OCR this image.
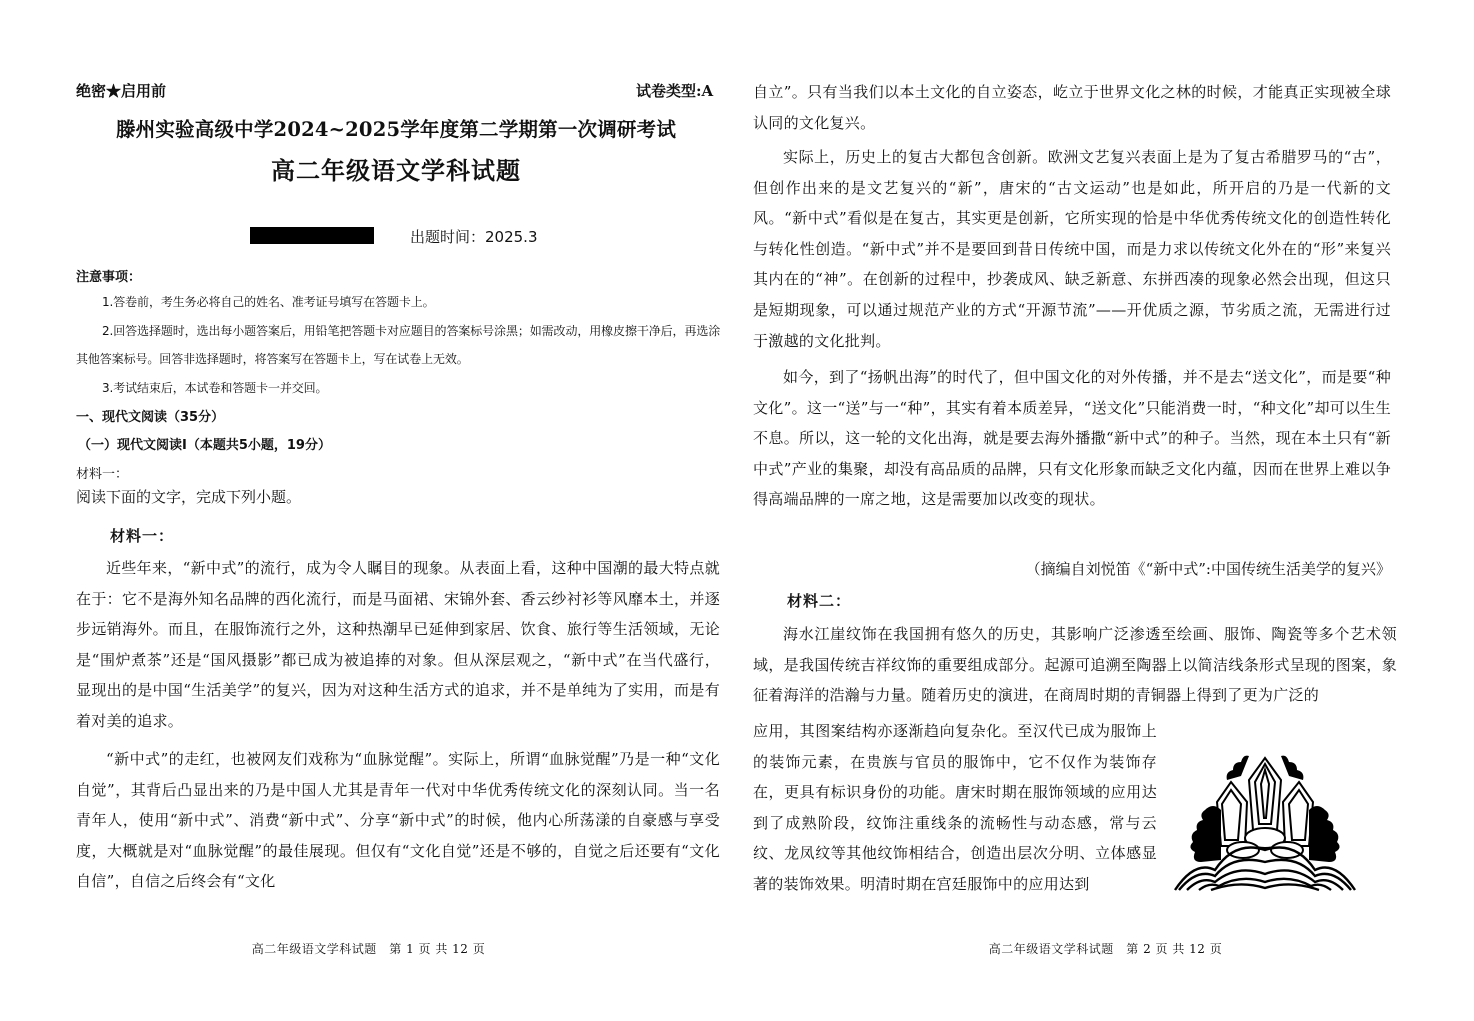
绝密★启用前	试卷类型:A
滕州实验高级中学2024~2025学年度第二学期第一次调研考试
高二年级语文学科试题
出题时间：2025.3
注意事项：
1.答卷前，考生务必将自己的姓名、准考证号填写在答题卡上。
2.回答选择题时，选出每小题答案后，用铅笔把答题卡对应题目的答案标号涂黑；如需改动，用橡皮擦干净后，再选涂其他答案标号。回答非选择题时，将答案写在答题卡上，写在试卷上无效。
3.考试结束后，本试卷和答题卡一并交回。
一、现代文阅读（35分）
（一）现代文阅读Ⅰ（本题共5小题，19分）
材料一：
阅读下面的文字，完成下列小题。
材料一：
近些年来，“新中式”的流行，成为令人瞩目的现象。从表面上看，这种中国潮的最大特点就在于：它不是海外知名品牌的西化流行，而是马面裙、宋锦外套、香云纱衬衫等风靡本土，并逐步远销海外。而且，在服饰流行之外，这种热潮早已延伸到家居、饮食、旅行等生活领域，无论是“围炉煮茶”还是“国风摄影”都已成为被追捧的对象。但从深层观之，“新中式”在当代盛行，显现出的是中国“生活美学”的复兴，因为对这种生活方式的追求，并不是单纯为了实用，而是有着对美的追求。
“新中式”的走红，也被网友们戏称为“血脉觉醒”。实际上，所谓“血脉觉醒”乃是一种“文化自觉”，其背后凸显出来的乃是中国人尤其是青年一代对中华优秀传统文化的深刻认同。当一名青年人，使用“新中式”、消费“新中式”、分享“新中式”的时候，他内心所荡漾的自豪感与享受度，大概就是对“血脉觉醒”的最佳展现。但仅有“文化自觉”还是不够的，自觉之后还要有“文化自信”，自信之后终会有“文化
高二年级语文学科试题　第 1 页 共 12 页
自立”。只有当我们以本土文化的自立姿态，屹立于世界文化之林的时候，才能真正实现被全球认同的文化复兴。
实际上，历史上的复古大都包含创新。欧洲文艺复兴表面上是为了复古希腊罗马的“古”，但创作出来的是文艺复兴的“新”，唐宋的“古文运动”也是如此，所开启的乃是一代新的文风。“新中式”看似是在复古，其实更是创新，它所实现的恰是中华优秀传统文化的创造性转化与转化性创造。“新中式”并不是要回到昔日传统中国，而是力求以传统文化外在的“形”来复兴其内在的“神”。在创新的过程中，抄袭成风、缺乏新意、东拼西凑的现象必然会出现，但这只是短期现象，可以通过规范产业的方式“开源节流”——开优质之源，节劣质之流，无需进行过于激越的文化批判。
如今，到了“扬帆出海”的时代了，但中国文化的对外传播，并不是去“送文化”，而是要“种文化”。这一“送”与一“种”，其实有着本质差异，“送文化”只能消费一时，“种文化”却可以生生不息。所以，这一轮的文化出海，就是要去海外播撒“新中式”的种子。当然，现在本土只有“新中式”产业的集聚，却没有高品质的品牌，只有文化形象而缺乏文化内蕴，因而在世界上难以争得高端品牌的一席之地，这是需要加以改变的现状。
（摘编自刘悦笛《“新中式”:中国传统生活美学的复兴》
材料二：
海水江崖纹饰在我国拥有悠久的历史，其影响广泛渗透至绘画、服饰、陶瓷等多个艺术领域，是我国传统吉祥纹饰的重要组成部分。起源可追溯至陶器上以简洁线条形式呈现的图案，象征着海洋的浩瀚与力量。随着历史的演进，在商周时期的青铜器上得到了更为广泛的
应用，其图案结构亦逐渐趋向复杂化。至汉代已成为服饰上的装饰元素，在贵族与官员的服饰中，它不仅作为装饰存在，更具有标识身份的功能。唐宋时期在服饰领域的应用达到了成熟阶段，纹饰注重线条的流畅性与动态感，常与云纹、龙凤纹等其他纹饰相结合，创造出层次分明、立体感显著的装饰效果。明清时期在宫廷服饰中的应用达到
高二年级语文学科试题　第 2 页 共 12 页
